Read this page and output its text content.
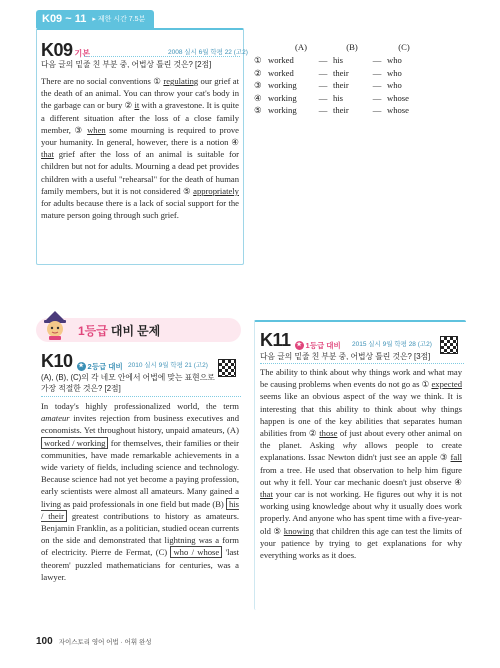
K09 ~ 11
▸	제한 시간 7.5분
K09 기본	2008 실시 6월 학평 22 (고2)
다음 글의 밑줄 친 부분 중, 어법상 틀린 것은? [2점]

There are no social conventions ① regulating our grief at the death of an animal. You can throw your cat's body in the garbage can or bury ② it with a gravestone. It is quite a different situation after the loss of a close family member, ③ when some mourning is required to prove your humanity. In general, however, there is a notion ④ that grief after the loss of an animal is suitable for children but not for adults. Mourning a dead pet provides children with a useful "rehearsal" for the death of human family members, but it is not considered ⑤ appropriately for adults because there is a lack of social support for the mature person going through such grief.

(A)	(B)	(C)
① worked	— his	— who
② worked	— their	— who
③ working	— their	— who
④ working	— his	— whose
⑤ working	— their	— whose
1등급 대비 문제
K10 ★ 2등급 대비 2010 실시 9월 학평 21 (고2)
(A), (B), (C)의 각 네모 안에서 어법에 맞는 표현으로
가장 적절한 것은? [2점]

In today's highly professionalized world, the term amateur invites rejection from business executives and economists. Yet throughout history, unpaid amateurs, (A) worked / working for themselves, their families or their communities, have made remarkable achievements in a wide variety of fields, including science and technology. Because science had not yet become a paying profession, early scientists were almost all amateurs. Many gained a living as paid professionals in one field but made (B) his / their greatest contributions to history as amateurs. Benjamin Franklin, as a politician, studied ocean currents on the side and demonstrated that lightning was a form of electricity. Pierre de Fermat, (C) who / whose 'last theorem' puzzled mathematicians for centuries, was a lawyer.

K11 ★ 1등급 대비 2015 실시 9월 학평 28 (고2)
다음 글의 밑줄 친 부분 중, 어법상 틀린 것은? [3점]

The ability to think about why things work and what may be causing problems when events do not go as ① expected seems like an obvious aspect of the way we think. It is interesting that this ability to think about why things happen is one of the key abilities that separates human abilities from ② those of just about every other animal on the planet. Asking why allows people to create explanations. Issac Newton didn't just see an apple ③ fall from a tree. He used that observation to help him figure out why it fell. Your car mechanic doesn't just observe ④ that your car is not working. He figures out why it is not working using knowledge about why it usually does work properly. And anyone who has spent time with a five-year-old ⑤ knowing that children this age can test the limits of your patience by trying to get explanations for why everything works as it does.

100 자이스토리 영어 어법 · 어휘 완성
